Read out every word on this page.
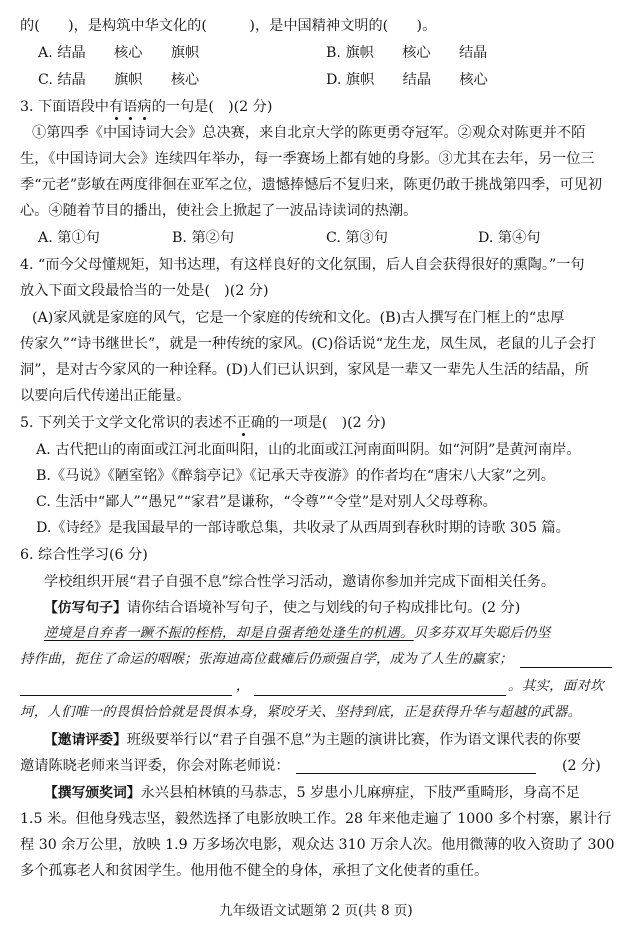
的(　　)，是构筑中华文化的(　　　)，是中国精神文明的(　　)。
A. 结晶　　核心　　旗帜	B. 旗帜　　核心　　结晶
C. 结晶　　旗帜　　核心	D. 旗帜　　结晶　　核心
3. 下面语段中有语病的一句是(　)(2 分)
①第四季《中国诗词大会》总决赛，来自北京大学的陈更勇夺冠军。②观众对陈更并不陌
生，《中国诗词大会》连续四年举办，每一季赛场上都有她的身影。③尤其在去年，另一位三
季“元老”彭敏在两度徘徊在亚军之位，遗憾捧憾后不复归来，陈更仍敢于挑战第四季，可见初
心。④随着节目的播出，使社会上掀起了一波品诗读词的热潮。
A. 第①句	B. 第②句	C. 第③句	D. 第④句
4. “而今父母懂规矩，知书达理，有这样良好的文化氛围，后人自会获得很好的熏陶。”一句
放入下面文段最恰当的一处是(　)(2 分)
(A)家风就是家庭的风气，它是一个家庭的传统和文化。(B)古人撰写在门框上的“忠厚
传家久”“诗书继世长”，就是一种传统的家风。(C)俗话说“龙生龙，凤生凤，老鼠的儿子会打
洞”，是对古今家风的一种诠释。(D)人们已认识到，家风是一辈又一辈先人生活的结晶，所
以要向后代传递出正能量。
5. 下列关于文学文化常识的表述不正确的一项是(　)(2 分)
A. 古代把山的南面或江河北面叫阳，山的北面或江河南面叫阴。如“河阴”是黄河南岸。
B.《马说》《陋室铭》《醉翁亭记》《记承天寺夜游》的作者均在“唐宋八大家”之列。
C. 生活中“鄙人”“愚兄”“家君”是谦称，“令尊”“令堂”是对别人父母尊称。
D.《诗经》是我国最早的一部诗歌总集，共收录了从西周到春秋时期的诗歌 305 篇。
6. 综合性学习(6 分)
学校组织开展“君子自强不息”综合性学习活动，邀请你参加并完成下面相关任务。
【仿写句子】请你结合语境补写句子，使之与划线的句子构成排比句。(2 分)
逆境是自弃者一蹶不振的桎梏，却是自强者绝处逢生的机遇。贝多芬双耳失聪后仍坚
持作曲，扼住了命运的咽喉；张海迪高位截瘫后仍顽强自学，成为了人生的赢家；
，	。其实，面对坎
坷，人们唯一的畏惧恰恰就是畏惧本身，紧咬牙关、坚持到底，正是获得升华与超越的武器。
【邀请评委】班级要举行以“君子自强不息”为主题的演讲比赛，作为语文课代表的你要
邀请陈晓老师来当评委，你会对陈老师说：	(2 分)
【撰写颁奖词】永兴县柏林镇的马恭志，5 岁患小儿麻痹症，下肢严重畸形，身高不足
1.5 米。但他身残志坚，毅然选择了电影放映工作。28 年来他走遍了 1000 多个村寨，累计行
程 30 余万公里，放映 1.9 万多场次电影，观众达 310 万余人次。他用微薄的收入资助了 300
多个孤寡老人和贫困学生。他用他不健全的身体，承担了文化使者的重任。
九年级语文试题第 2 页(共 8 页)
